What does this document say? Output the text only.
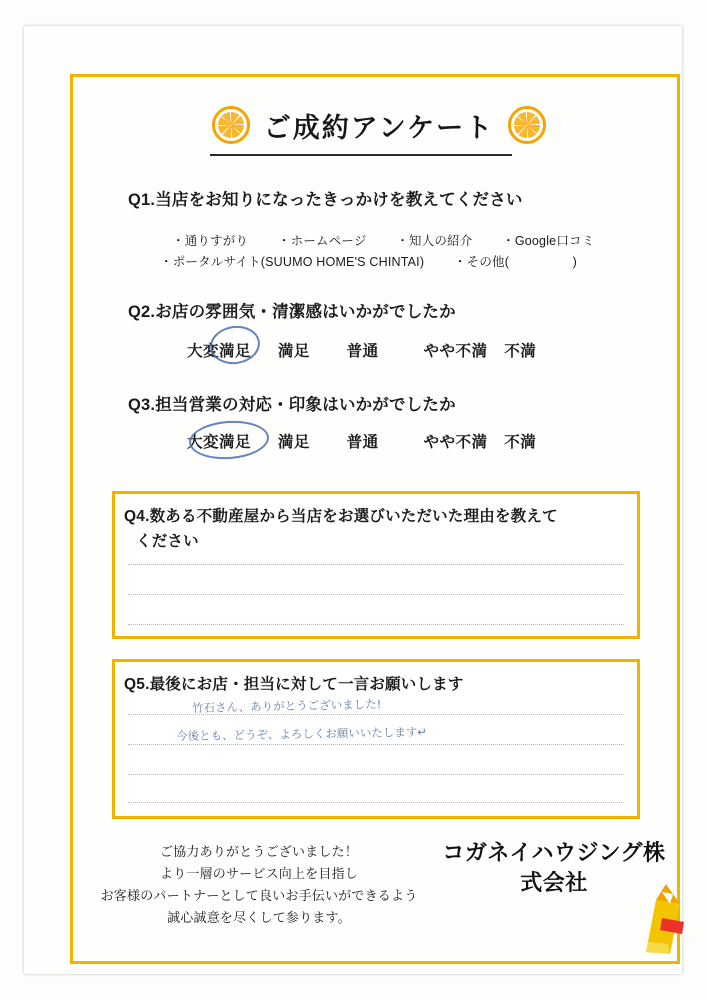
ご成約アンケート
Q1.当店をお知りになったきっかけを教えてください
・通りすがり ・ホームページ ・知人の紹介 ・Google口コミ
・ポータルサイト(SUUMO HOME'S CHINTAI) ・その他(　　　　　)
Q2.お店の雰囲気・清潔感はいかがでしたか
大変満足 満足 普通	やや不満 不満
Q3.担当営業の対応・印象はいかがでしたか
大変満足 満足 普通	やや不満 不満
Q4.数ある不動産屋から当店をお選びいただいた理由を教えて
ください
Q5.最後にお店・担当に対して一言お願いします
竹石さん、ありがとうございました!
今後とも、どうぞ、よろしくお願いいたします↵
ご協力ありがとうございました！
より一層のサービス向上を目指し
お客様のパートナーとして良いお手伝いができるよう
誠心誠意を尽くして参ります。
コガネイハウジング株
式会社
